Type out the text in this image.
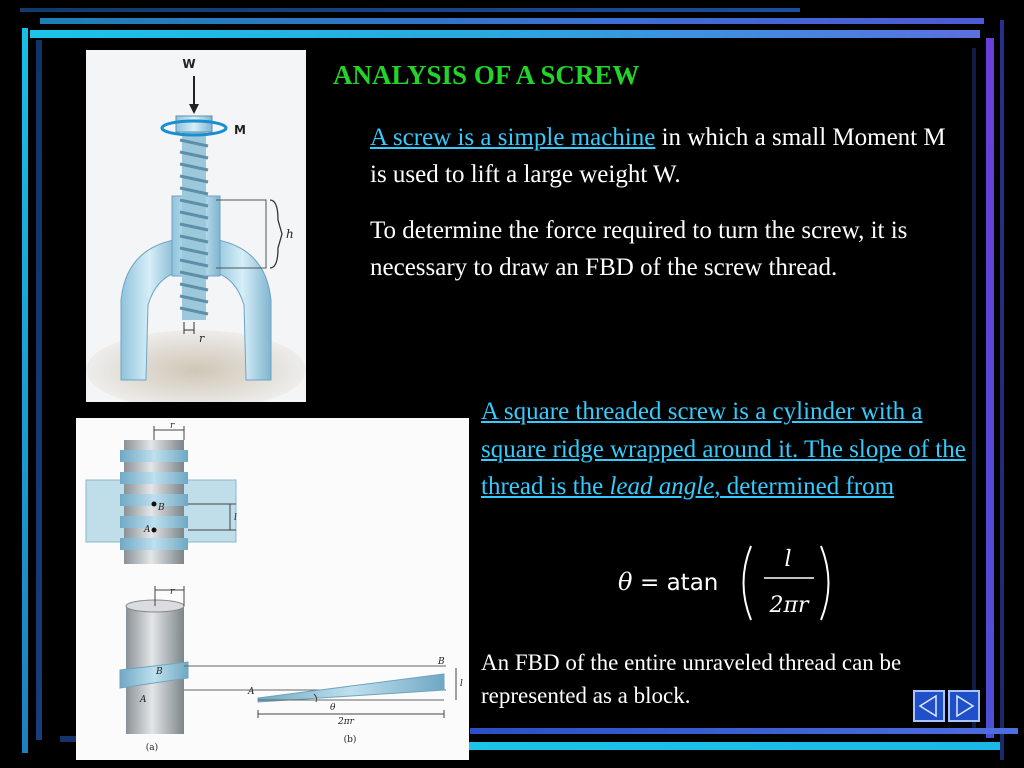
W
M
h
r
r
B
A
l
r
B
A
A
B
θ
l
2πr
(a)
(b)
ANALYSIS OF A SCREW

A screw is a simple machine in which a small Moment M is used to lift a large weight W.

To determine the force required to turn the screw, it is necessary to draw an FBD of the screw thread.

A square threaded screw is a cylinder with a square ridge wrapped around it. The slope of the thread is the lead angle, determined from

θ = atan
l
2πr

An FBD of the entire unraveled thread can be represented as a block.
